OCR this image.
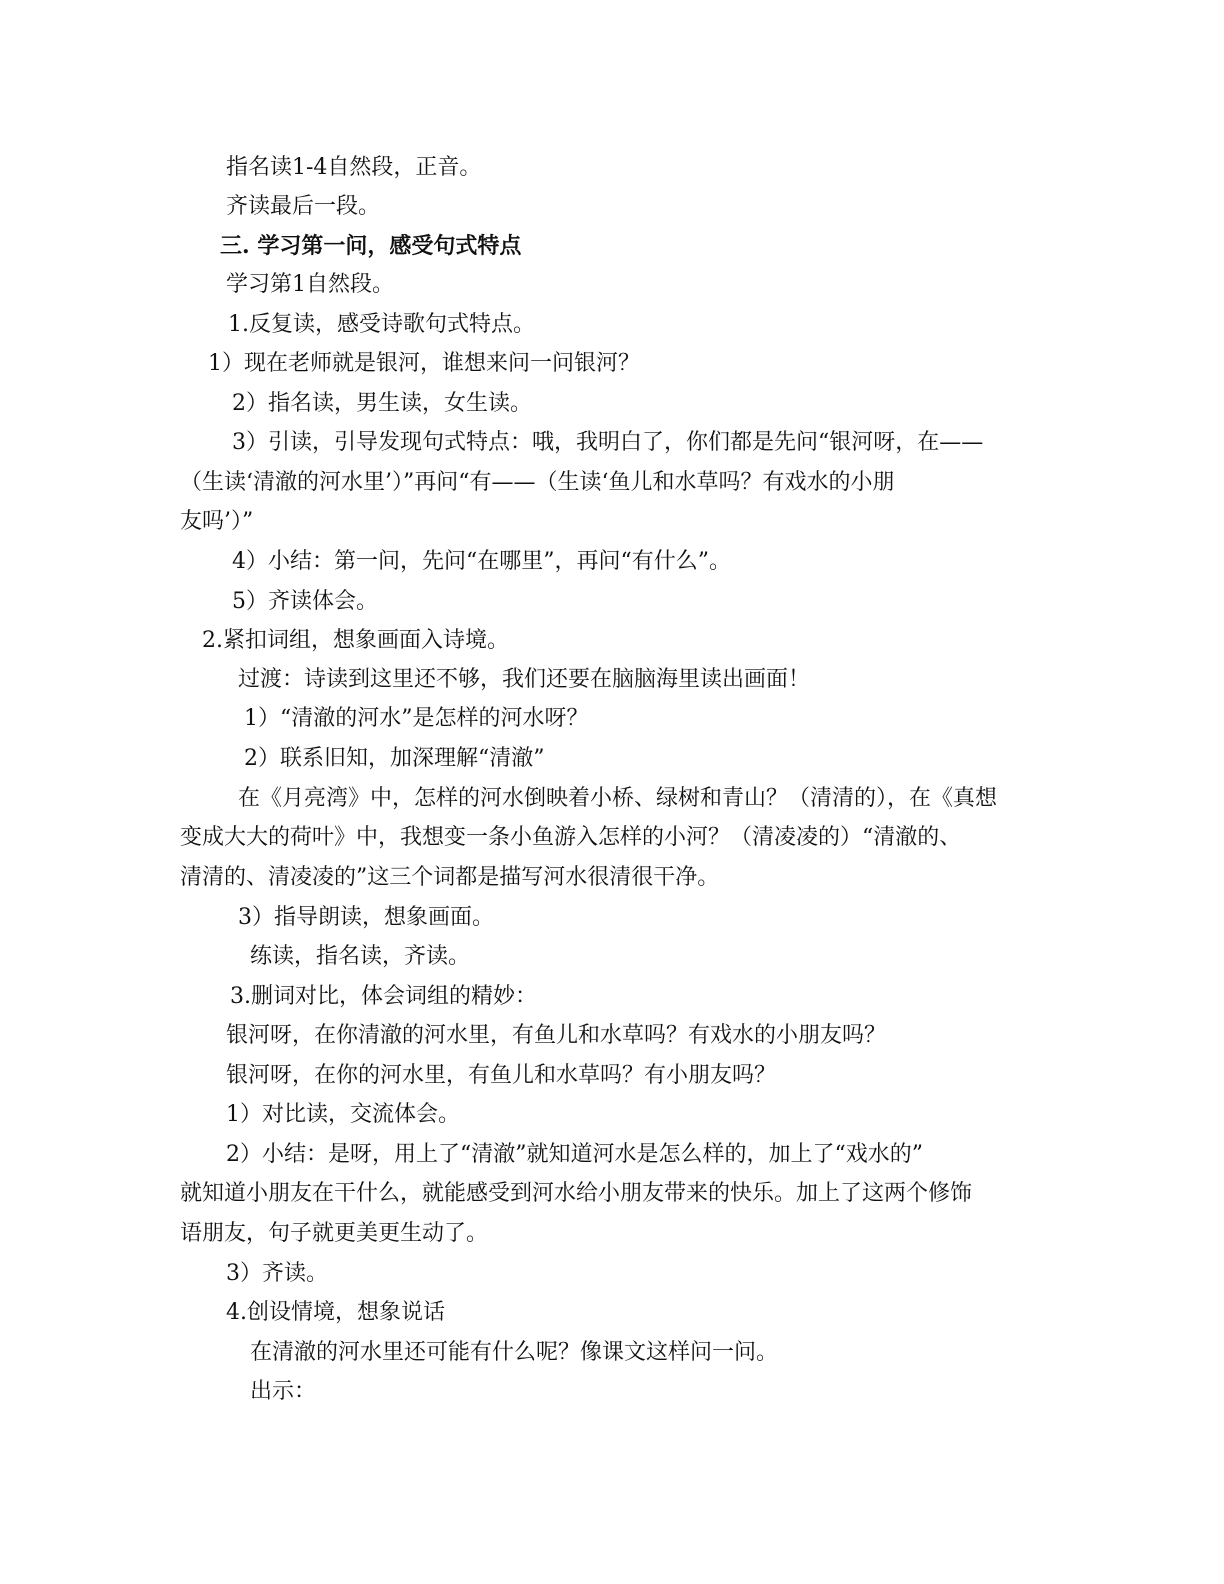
指名读1-4自然段，正音。
齐读最后一段。
三. 学习第一问，感受句式特点
学习第1自然段。
1.反复读，感受诗歌句式特点。
1）现在老师就是银河，谁想来问一问银河？
2）指名读，男生读，女生读。
3）引读，引导发现句式特点：哦，我明白了，你们都是先问“银河呀，在——
（生读‘清澈的河水里’）”再问“有——（生读‘鱼儿和水草吗？有戏水的小朋
友吗’）”
4）小结：第一问，先问“在哪里”，再问“有什么”。
5）齐读体会。
2.紧扣词组，想象画面入诗境。
过渡：诗读到这里还不够，我们还要在脑脑海里读出画面！
1）“清澈的河水”是怎样的河水呀？
2）联系旧知，加深理解“清澈”
在《月亮湾》中，怎样的河水倒映着小桥、绿树和青山？（清清的），在《真想
变成大大的荷叶》中，我想变一条小鱼游入怎样的小河？（清凌凌的）“清澈的、
清清的、清凌凌的”这三个词都是描写河水很清很干净。
3）指导朗读，想象画面。
练读，指名读，齐读。
3.删词对比，体会词组的精妙：
银河呀，在你清澈的河水里，有鱼儿和水草吗？有戏水的小朋友吗？
银河呀，在你的河水里，有鱼儿和水草吗？有小朋友吗？
1）对比读，交流体会。
2）小结：是呀，用上了“清澈”就知道河水是怎么样的，加上了“戏水的”
就知道小朋友在干什么，就能感受到河水给小朋友带来的快乐。加上了这两个修饰
语朋友，句子就更美更生动了。
3）齐读。
4.创设情境，想象说话
在清澈的河水里还可能有什么呢？像课文这样问一问。
出示：
